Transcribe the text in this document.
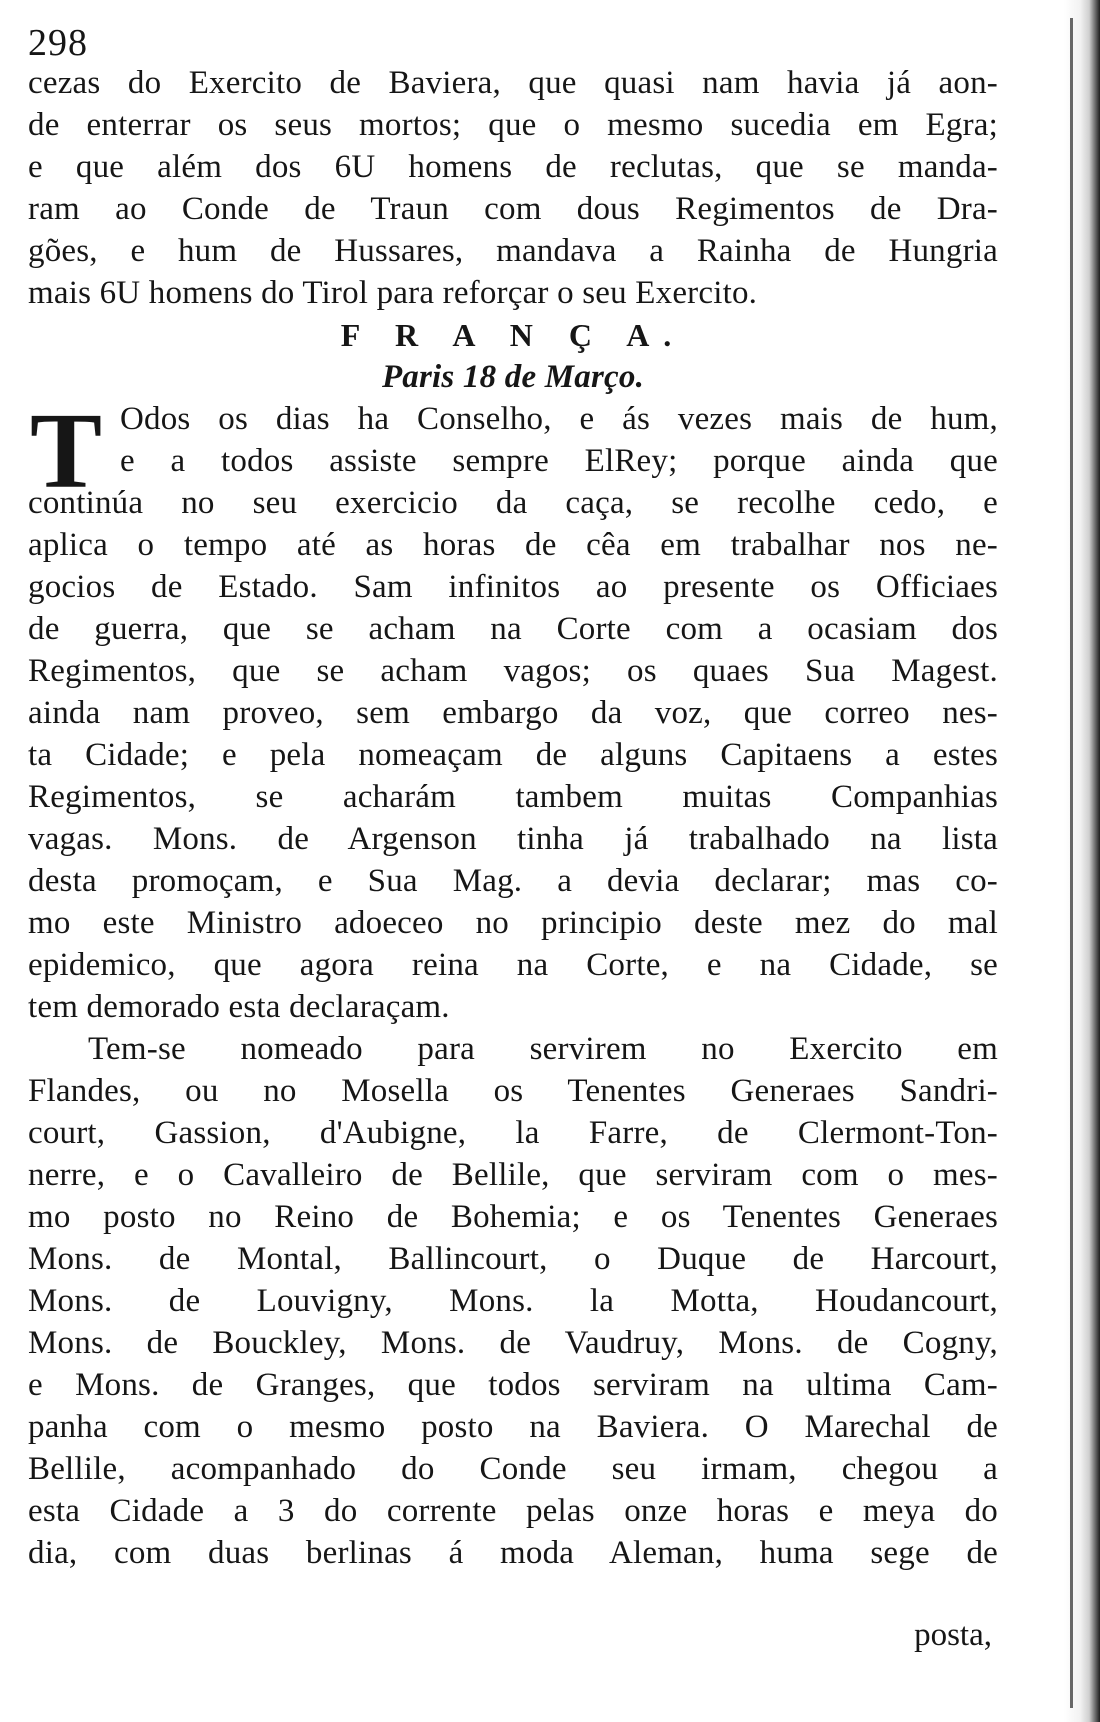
298
T
cezas do Exercito de Baviera, que quasi nam havia já aon-
de enterrar os seus mortos; que o mesmo sucedia em Egra;
e que além dos 6U homens de reclutas, que se manda-
ram ao Conde de Traun com dous Regimentos de Dra-
gões, e hum de Hussares, mandava a Rainha de Hungria
mais 6U homens do Tirol para reforçar o seu Exercito.
F R A N Ç A.
Paris 18 de Março.
Odos os dias ha Conselho, e ás vezes mais de hum,
e a todos assiste sempre ElRey; porque ainda que
continúa no seu exercicio da caça, se recolhe cedo, e
aplica o tempo até as horas de cêa em trabalhar nos ne-
gocios de Estado. Sam infinitos ao presente os Officiaes
de guerra, que se acham na Corte com a ocasiam dos
Regimentos, que se acham vagos; os quaes Sua Magest.
ainda nam proveo, sem embargo da voz, que correo nes-
ta Cidade; e pela nomeaçam de alguns Capitaens a estes
Regimentos, se acharám tambem muitas Companhias
vagas. Mons. de Argenson tinha já trabalhado na lista
desta promoçam, e Sua Mag. a devia declarar; mas co-
mo este Ministro adoeceo no principio deste mez do mal
epidemico, que agora reina na Corte, e na Cidade, se
tem demorado esta declaraçam.
Tem-se nomeado para servirem no Exercito em
Flandes, ou no Mosella os Tenentes Generaes Sandri-
court, Gassion, d'Aubigne, la Farre, de Clermont-Ton-
nerre, e o Cavalleiro de Bellile, que serviram com o mes-
mo posto no Reino de Bohemia; e os Tenentes Generaes
Mons. de Montal, Ballincourt, o Duque de Harcourt,
Mons. de Louvigny, Mons. la Motta, Houdancourt,
Mons. de Bouckley, Mons. de Vaudruy, Mons. de Cogny,
e Mons. de Granges, que todos serviram na ultima Cam-
panha com o mesmo posto na Baviera. O Marechal de
Bellile, acompanhado do Conde seu irmam, chegou a
esta Cidade a 3 do corrente pelas onze horas e meya do
dia, com duas berlinas á moda Aleman, huma sege de
posta,
